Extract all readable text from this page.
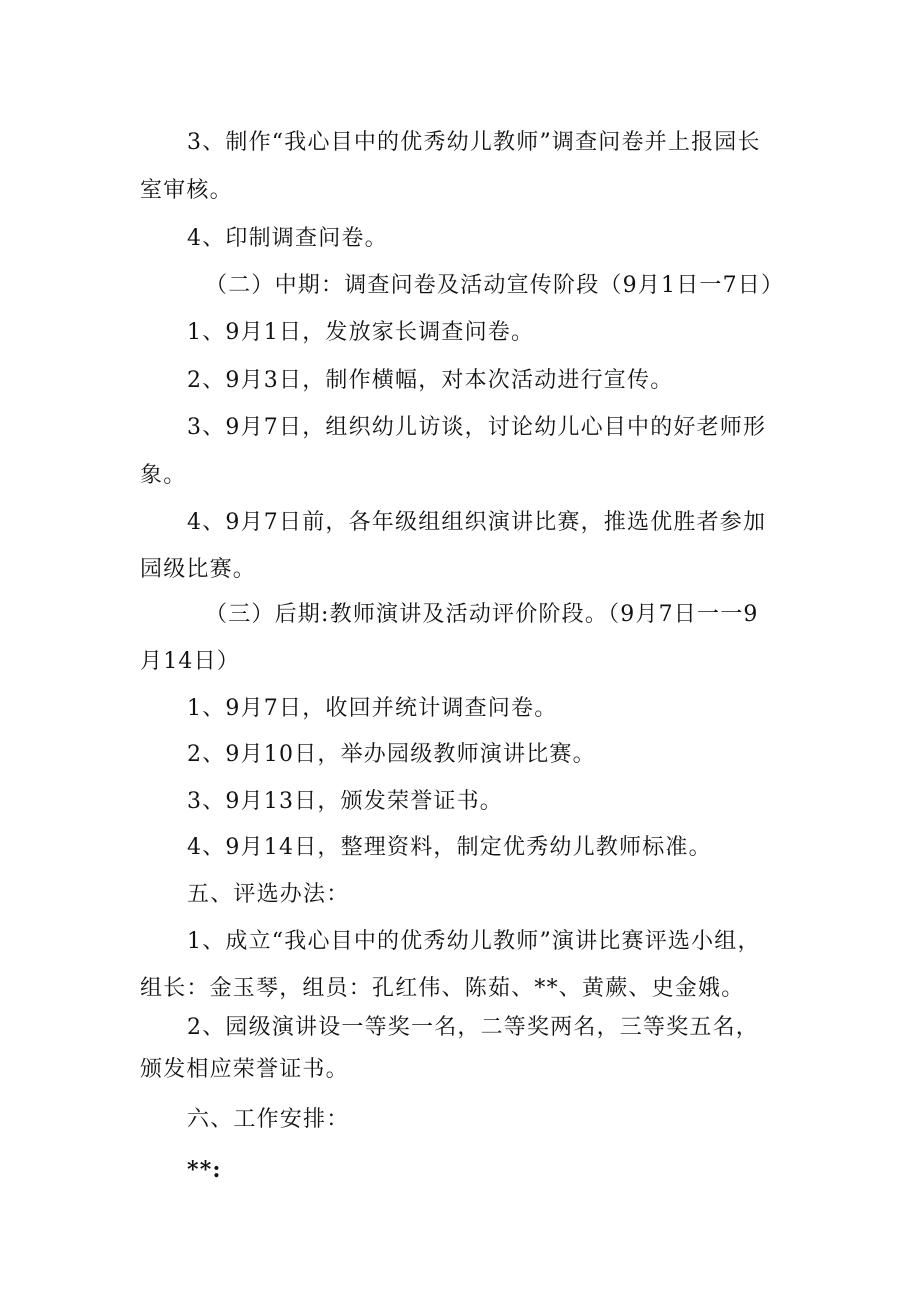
3、制作“我心目中的优秀幼儿教师”调查问卷并上报园长
室审核。
4、印制调查问卷。
（二）中期：调查问卷及活动宣传阶段（9月1日一7日）
1、9月1日，发放家长调查问卷。
2、9月3日，制作横幅，对本次活动进行宣传。
3、9月7日，组织幼儿访谈，讨论幼儿心目中的好老师形
象。
4、9月7日前，各年级组组织演讲比赛，推选优胜者参加
园级比赛。
（三）后期:教师演讲及活动评价阶段。（9月7日一一9
月14日）
1、9月7日，收回并统计调查问卷。
2、9月10日，举办园级教师演讲比赛。
3、9月13日，颁发荣誉证书。
4、9月14日，整理资料，制定优秀幼儿教师标准。
五、评选办法：
1、成立“我心目中的优秀幼儿教师”演讲比赛评选小组，
组长：金玉琴，组员：孔红伟、陈茹、**、黄蕨、史金娥。
2、园级演讲设一等奖一名，二等奖两名，三等奖五名，
颁发相应荣誉证书。
六、工作安排：
**:
